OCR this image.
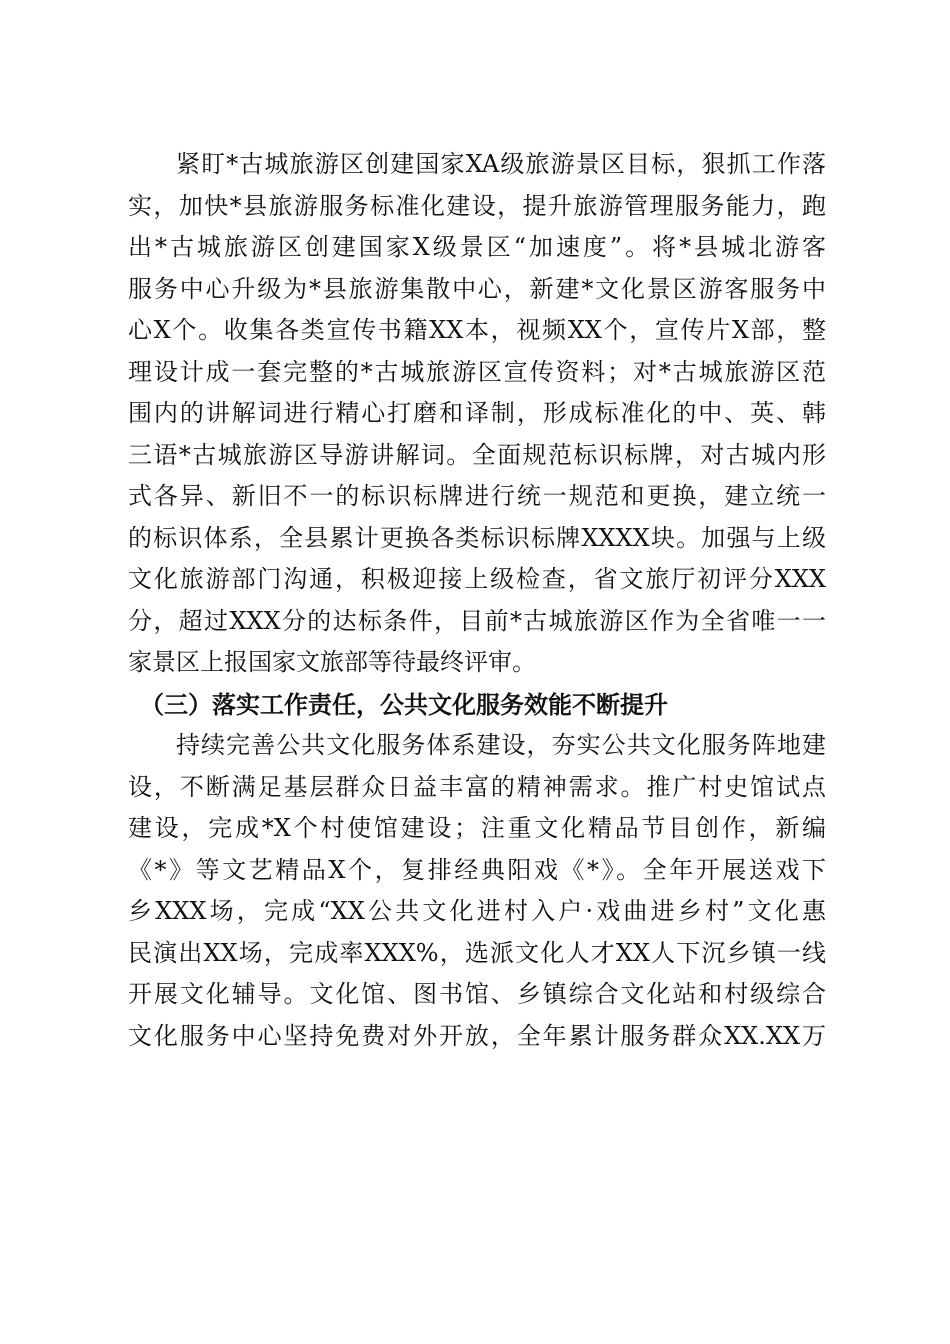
紧盯*古城旅游区创建国家XA级旅游景区目标，狠抓工作落
实，加快*县旅游服务标准化建设，提升旅游管理服务能力，跑
出*古城旅游区创建国家X级景区“加速度”。将*县城北游客
服务中心升级为*县旅游集散中心，新建*文化景区游客服务中
心X个。收集各类宣传书籍XX本，视频XX个，宣传片X部，整
理设计成一套完整的*古城旅游区宣传资料；对*古城旅游区范
围内的讲解词进行精心打磨和译制，形成标准化的中、英、韩
三语*古城旅游区导游讲解词。全面规范标识标牌，对古城内形
式各异、新旧不一的标识标牌进行统一规范和更换，建立统一
的标识体系，全县累计更换各类标识标牌XXXX块。加强与上级
文化旅游部门沟通，积极迎接上级检查，省文旅厅初评分XXX
分，超过XXX分的达标条件，目前*古城旅游区作为全省唯一一
家景区上报国家文旅部等待最终评审。
（三）落实工作责任，公共文化服务效能不断提升
持续完善公共文化服务体系建设，夯实公共文化服务阵地建
设，不断满足基层群众日益丰富的精神需求。推广村史馆试点
建设，完成*X个村使馆建设；注重文化精品节目创作，新编
《*》等文艺精品X个，复排经典阳戏《*》。全年开展送戏下
乡XXX场，完成“XX公共文化进村入户·戏曲进乡村”文化惠
民演出XX场，完成率XXX%，选派文化人才XX人下沉乡镇一线
开展文化辅导。文化馆、图书馆、乡镇综合文化站和村级综合
文化服务中心坚持免费对外开放，全年累计服务群众XX.XX万
